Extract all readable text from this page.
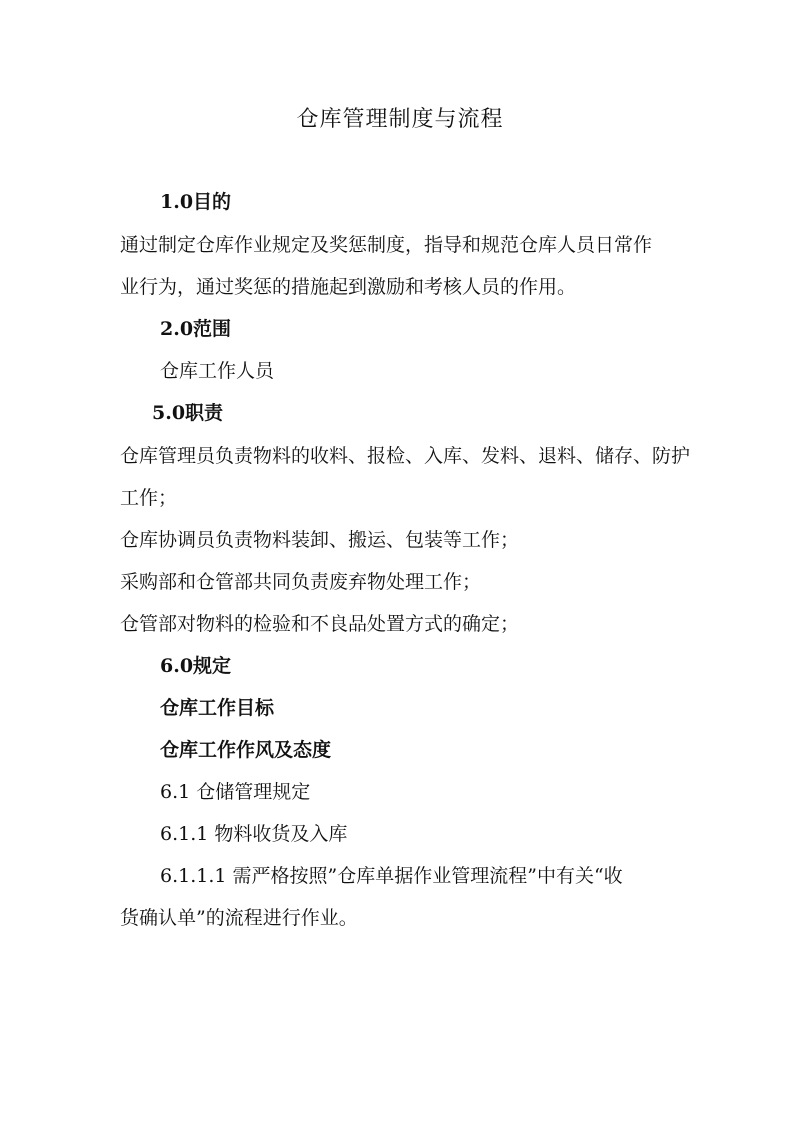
仓库管理制度与流程
1.0目的
通过制定仓库作业规定及奖惩制度，指导和规范仓库人员日常作
业行为，通过奖惩的措施起到激励和考核人员的作用。
2.0范围
仓库工作人员
5.0职责
仓库管理员负责物料的收料、报检、入库、发料、退料、储存、防护
工作；
仓库协调员负责物料装卸、搬运、包装等工作；
采购部和仓管部共同负责废弃物处理工作；
仓管部对物料的检验和不良品处置方式的确定；
6.0规定
仓库工作目标
仓库工作作风及态度
6.1 仓储管理规定
6.1.1 物料收货及入库
6.1.1.1 需严格按照”仓库单据作业管理流程”中有关“收
货确认单”的流程进行作业。
